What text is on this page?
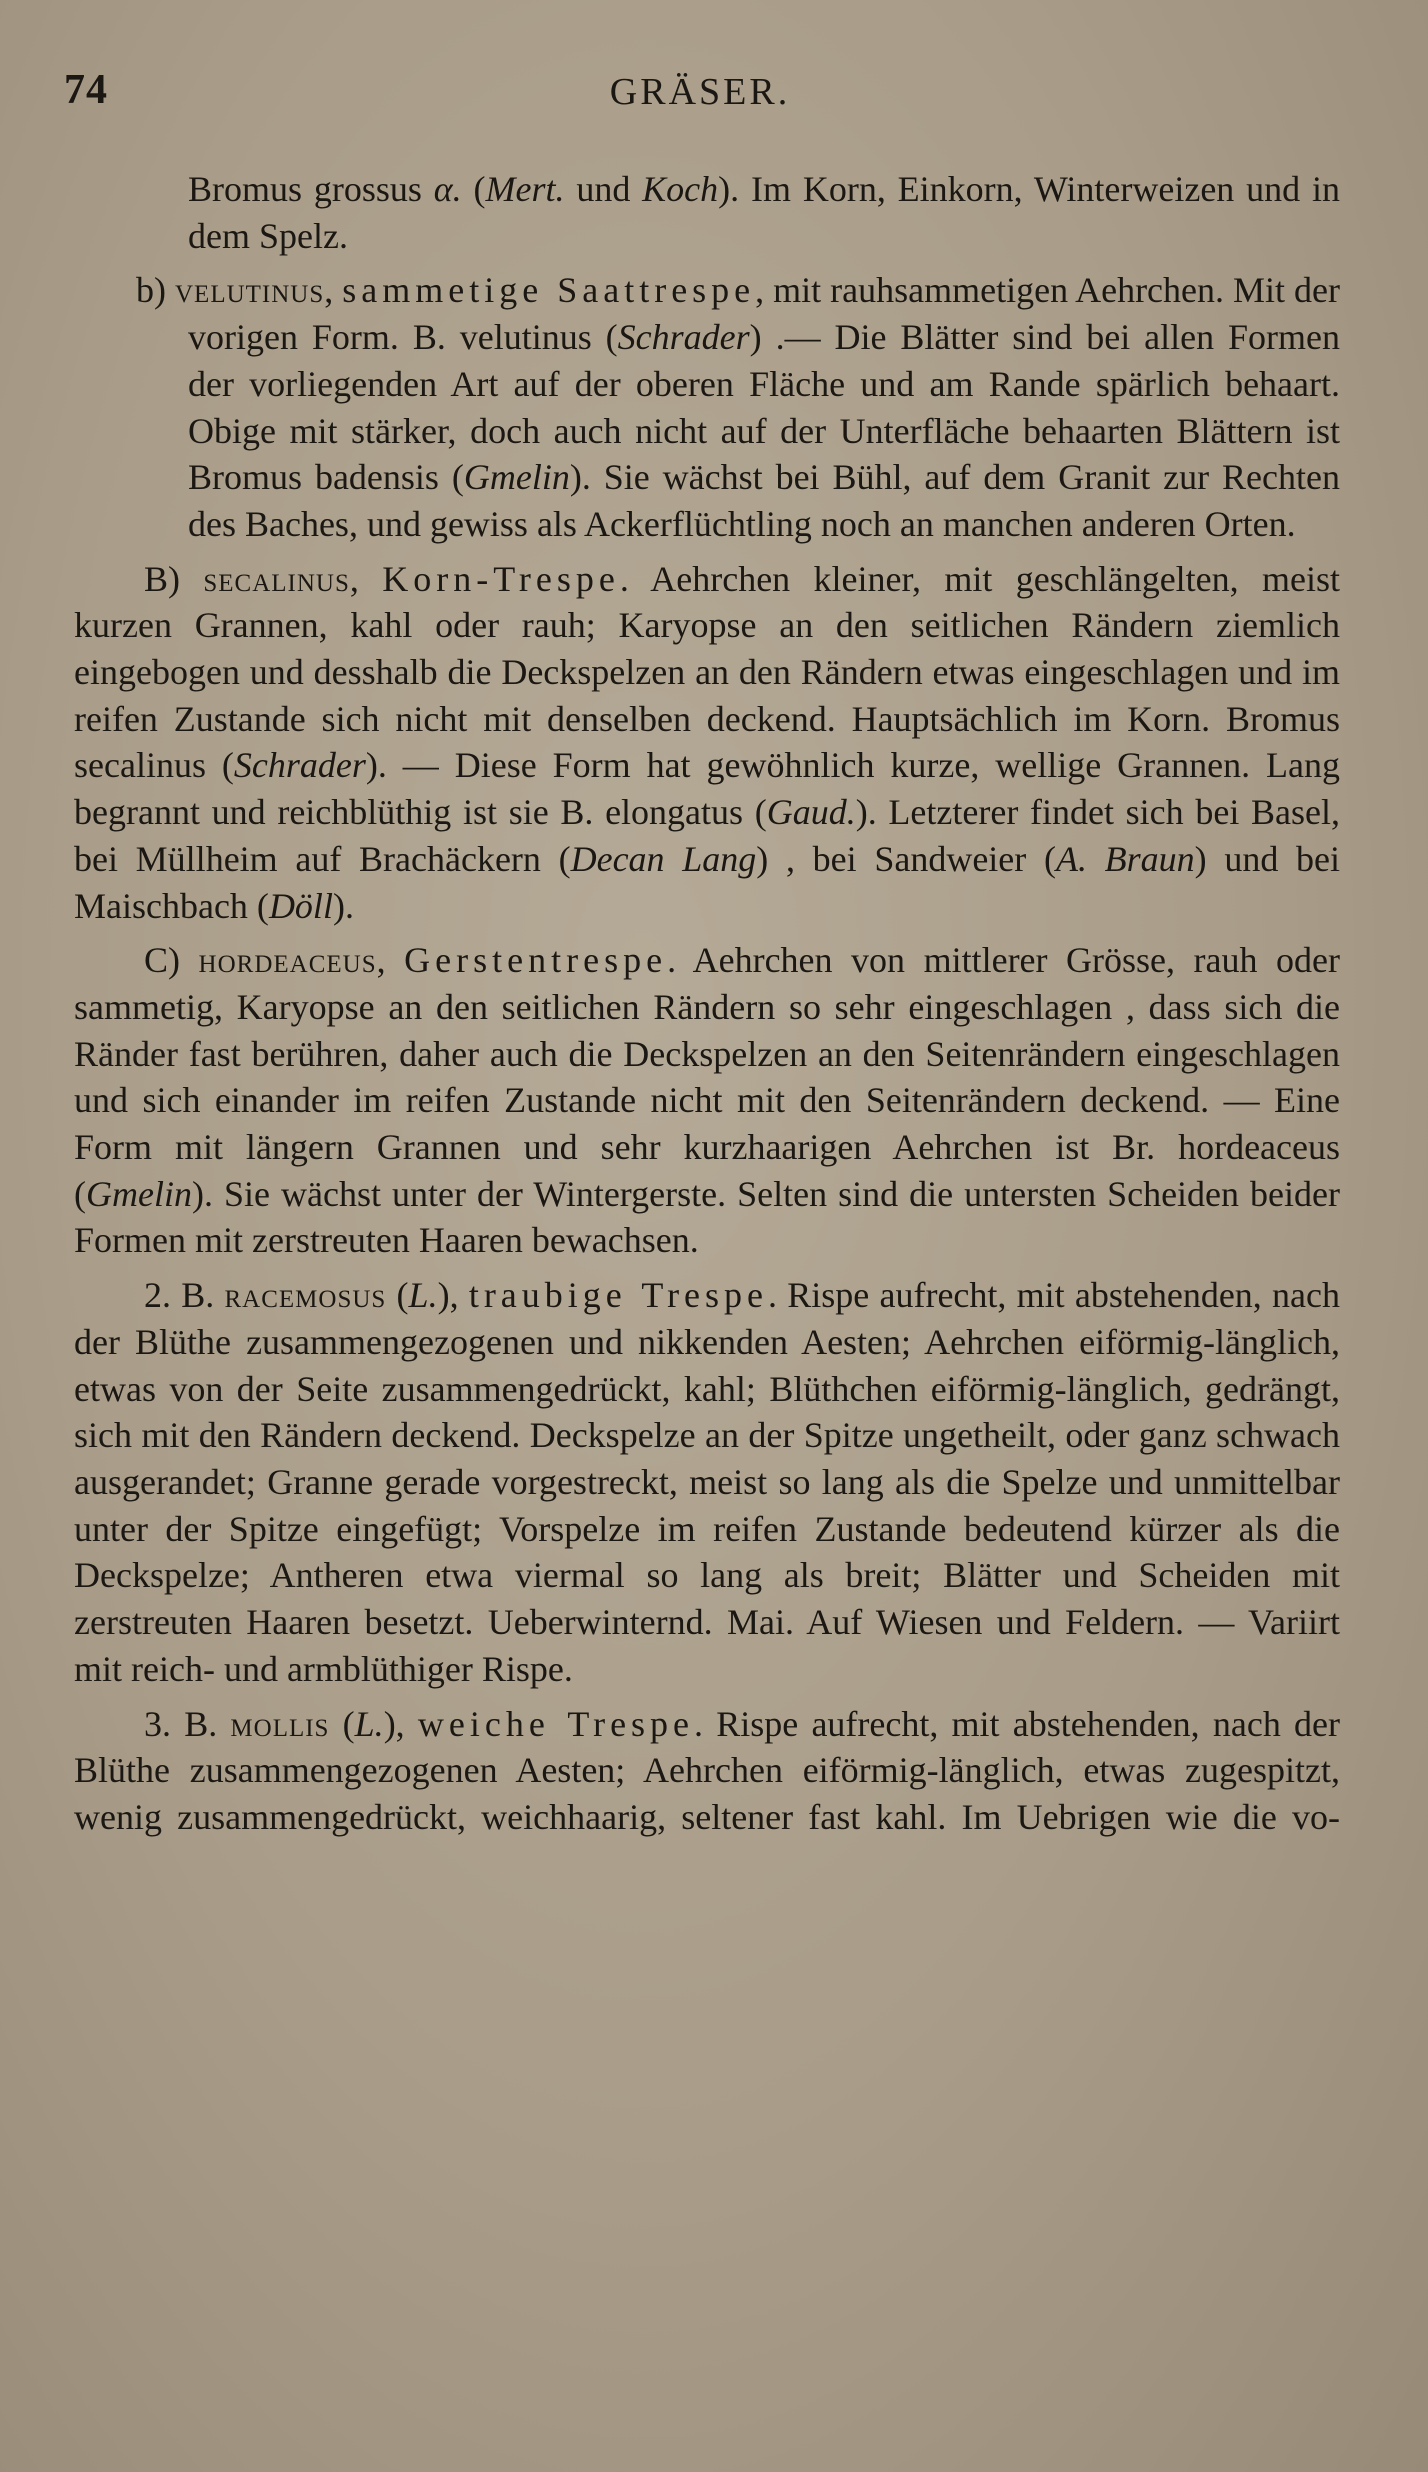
74	GRÄSER.

Bromus grossus α. (Mert. und Koch). Im Korn, Einkorn, Winterweizen und in dem Spelz.

b) velutinus, sammetige Saattrespe, mit rauhsammetigen Aehrchen. Mit der vorigen Form. B. velutinus (Schrader) .— Die Blätter sind bei allen Formen der vorliegenden Art auf der oberen Fläche und am Rande spärlich behaart. Obige mit stärker, doch auch nicht auf der Unterfläche behaarten Blättern ist Bromus badensis (Gmelin). Sie wächst bei Bühl, auf dem Granit zur Rechten des Baches, und gewiss als Ackerflüchtling noch an manchen anderen Orten.

B) secalinus, Korn-Trespe. Aehrchen kleiner, mit geschlängelten, meist kurzen Grannen, kahl oder rauh; Karyopse an den seitlichen Rändern ziemlich eingebogen und desshalb die Deckspelzen an den Rändern etwas eingeschlagen und im reifen Zustande sich nicht mit denselben deckend. Hauptsächlich im Korn. Bromus secalinus (Schrader). — Diese Form hat gewöhnlich kurze, wellige Grannen. Lang begrannt und reichblüthig ist sie B. elongatus (Gaud.). Letzterer findet sich bei Basel, bei Müllheim auf Brachäckern (Decan Lang) , bei Sandweier (A. Braun) und bei Maischbach (Döll).

C) hordeaceus, Gerstentrespe. Aehrchen von mittlerer Grösse, rauh oder sammetig, Karyopse an den seitlichen Rändern so sehr eingeschlagen , dass sich die Ränder fast berühren, daher auch die Deckspelzen an den Seitenrändern eingeschlagen und sich einander im reifen Zustande nicht mit den Seitenrändern deckend. — Eine Form mit längern Grannen und sehr kurzhaarigen Aehrchen ist Br. hordeaceus (Gmelin). Sie wächst unter der Wintergerste. Selten sind die untersten Scheiden beider Formen mit zerstreuten Haaren bewachsen.

2. B. racemosus (L.), traubige Trespe. Rispe aufrecht, mit abstehenden, nach der Blüthe zusammengezogenen und nikkenden Aesten; Aehrchen eiförmig-länglich, etwas von der Seite zusammengedrückt, kahl; Blüthchen eiförmig-länglich, gedrängt, sich mit den Rändern deckend. Deckspelze an der Spitze ungetheilt, oder ganz schwach ausgerandet; Granne gerade vorgestreckt, meist so lang als die Spelze und unmittelbar unter der Spitze eingefügt; Vorspelze im reifen Zustande bedeutend kürzer als die Deckspelze; Antheren etwa viermal so lang als breit; Blätter und Scheiden mit zerstreuten Haaren besetzt. Ueberwinternd. Mai. Auf Wiesen und Feldern. — Variirt mit reich- und armblüthiger Rispe.

3. B. mollis (L.), weiche Trespe. Rispe aufrecht, mit abstehenden, nach der Blüthe zusammengezogenen Aesten; Aehrchen eiförmig-länglich, etwas zugespitzt, wenig zusammengedrückt, weichhaarig, seltener fast kahl. Im Uebrigen wie die vo-
